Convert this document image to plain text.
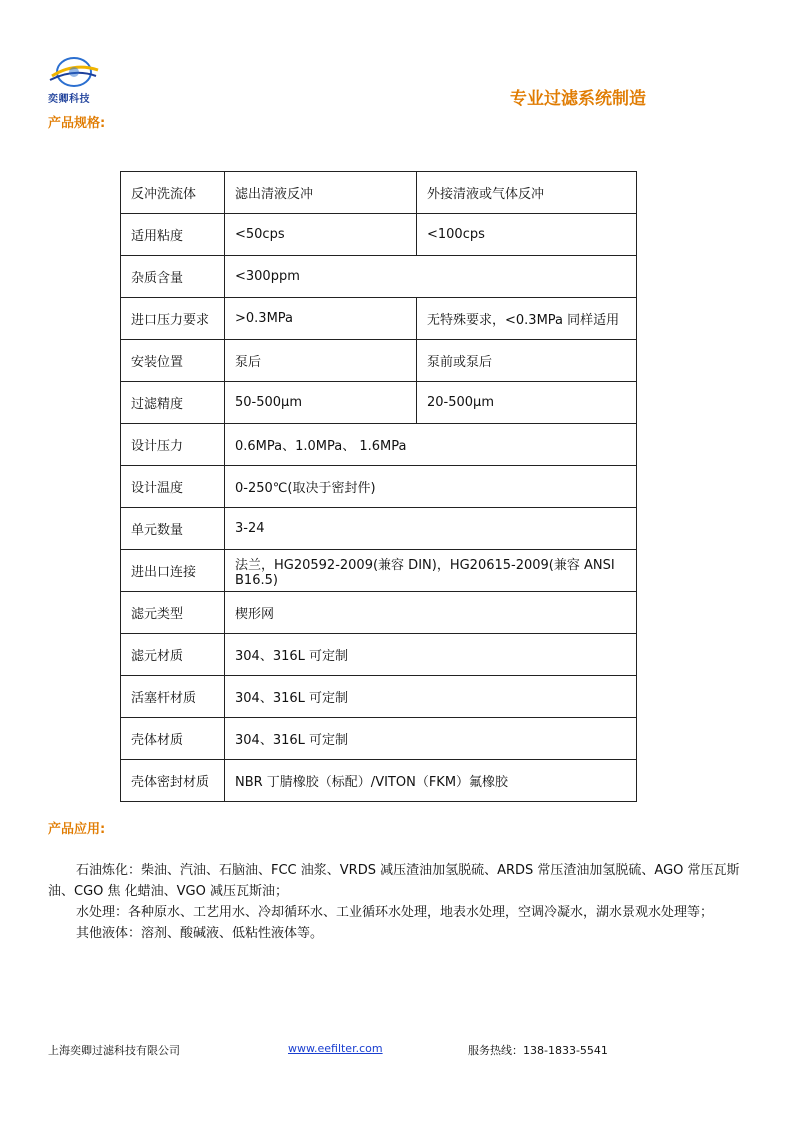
奕卿科技	专业过滤系统制造
产品规格:
反冲洗流体	滤出清液反冲	外接清液或气体反冲
适用粘度	<50cps	<100cps
杂质含量	<300ppm	
进口压力要求	>0.3MPa	无特殊要求，<0.3MPa 同样适用
安装位置	泵后	泵前或泵后
过滤精度	50-500μm	20-500μm
设计压力	0.6MPa、1.0MPa、 1.6MPa	
设计温度	0-250℃(取决于密封件)	
单元数量	3-24	
进出口连接	法兰，HG20592-2009(兼容 DIN)，HG20615-2009(兼容 ANSI B16.5)	
滤元类型	楔形网	
滤元材质	304、316L 可定制	
活塞杆材质	304、316L 可定制	
壳体材质	304、316L 可定制	
壳体密封材质	NBR 丁腈橡胶（标配）/VITON（FKM）氟橡胶	
产品应用:
石油炼化：柴油、汽油、石脑油、FCC 油浆、VRDS 减压渣油加氢脱硫、ARDS 常压渣油加氢脱硫、AGO 常压瓦斯油、CGO 焦 化蜡油、VGO 减压瓦斯油；
水处理：各种原水、工艺用水、冷却循环水、工业循环水处理，地表水处理，空调冷凝水，湖水景观水处理等；
其他液体：溶剂、酸碱液、低粘性液体等。
上海奕卿过滤科技有限公司	www.eefilter.com	服务热线：138-1833-5541
